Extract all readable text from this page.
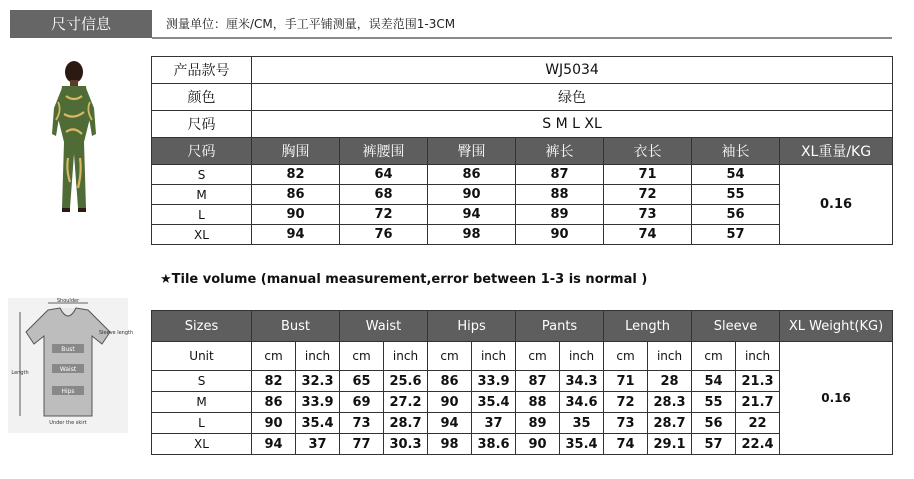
尺寸信息	测量单位：厘米/CM，手工平铺测量，误差范围1-3CM
产品款号	WJ5034						
颜色	绿色						
尺码	S M L XL						
尺码	胸围	裤腰围	臀围	裤长	衣长	袖长	XL重量/KG
S	82	64	86	87	71	54	0.16
M	86	68	90	88	72	55	
L	90	72	94	89	73	56	
XL	94	76	98	90	74	57	
★Tile volume (manual measurement,error between 1-3 is normal )
Shoulder
Sleeve length
Bust
Waist
Hips
Length
Under the skirt
Sizes	Bust		Waist		Hips		Pants		Length		Sleeve		XL Weight(KG)
Unit	cm	inch	cm	inch	cm	inch	cm	inch	cm	inch	cm	inch	0.16
S	82	32.3	65	25.6	86	33.9	87	34.3	71	28	54	21.3	
M	86	33.9	69	27.2	90	35.4	88	34.6	72	28.3	55	21.7	
L	90	35.4	73	28.7	94	37	89	35	73	28.7	56	22	
XL	94	37	77	30.3	98	38.6	90	35.4	74	29.1	57	22.4	
